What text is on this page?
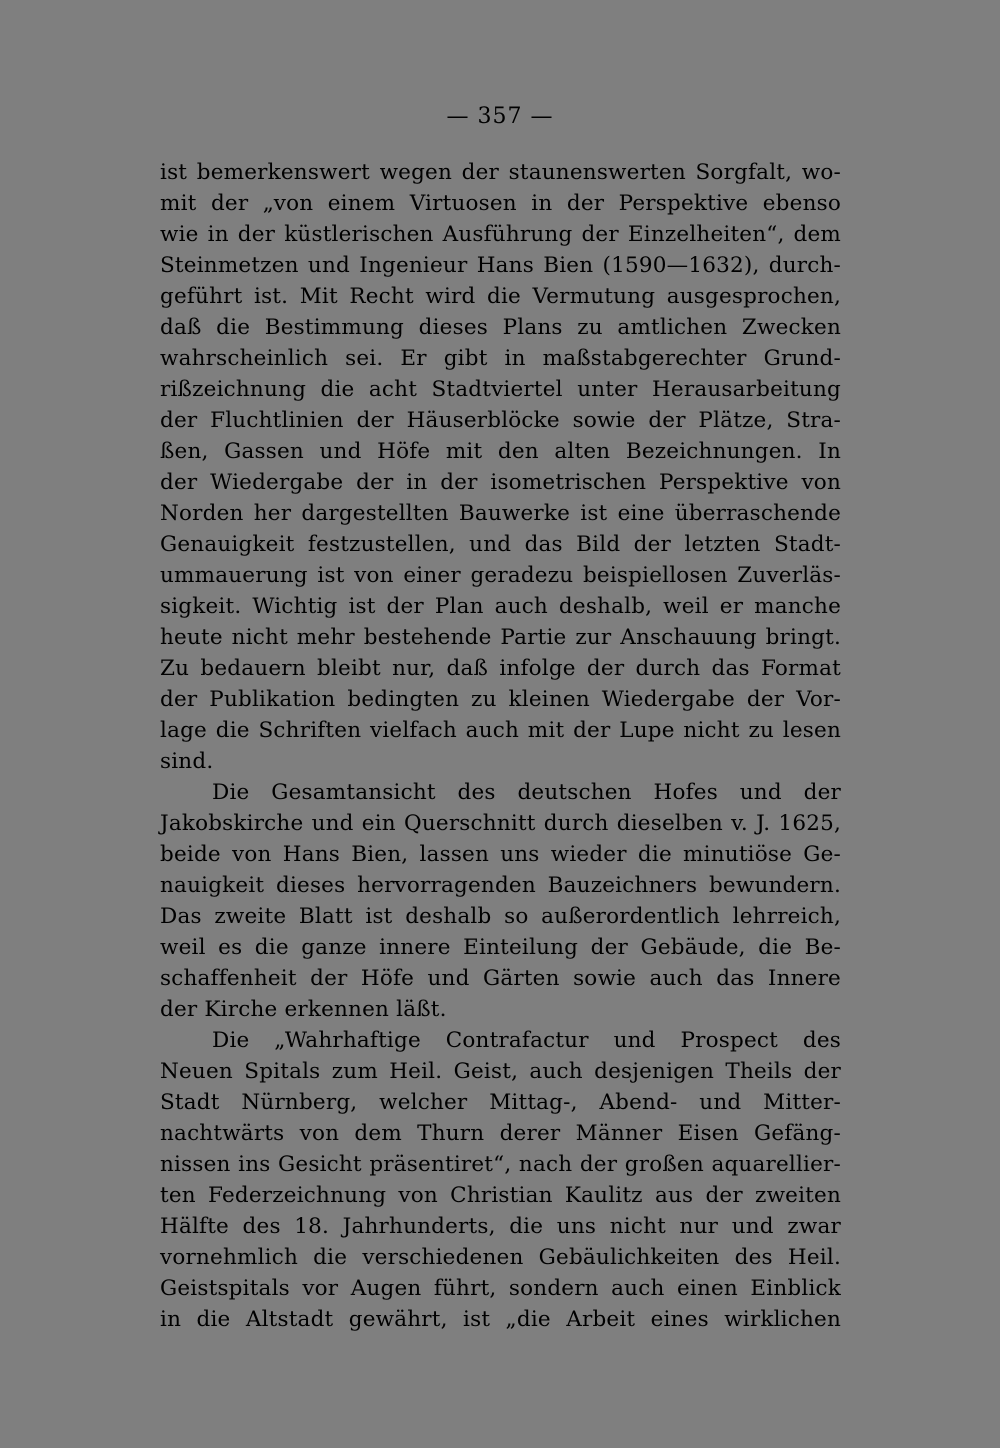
— 357 —
ist bemerkenswert wegen der staunenswerten Sorgfalt, wo-
mit der „von einem Virtuosen in der Perspektive ebenso
wie in der küstlerischen Ausführung der Einzelheiten“, dem
Steinmetzen und Ingenieur Hans Bien (1590—1632), durch-
geführt ist. Mit Recht wird die Vermutung ausgesprochen,
daß die Bestimmung dieses Plans zu amtlichen Zwecken
wahrscheinlich sei. Er gibt in maßstabgerechter Grund-
rißzeichnung die acht Stadtviertel unter Herausarbeitung
der Fluchtlinien der Häuserblöcke sowie der Plätze, Stra-
ßen, Gassen und Höfe mit den alten Bezeichnungen. In
der Wiedergabe der in der isometrischen Perspektive von
Norden her dargestellten Bauwerke ist eine überraschende
Genauigkeit festzustellen, und das Bild der letzten Stadt-
ummauerung ist von einer geradezu beispiellosen Zuverläs-
sigkeit. Wichtig ist der Plan auch deshalb, weil er manche
heute nicht mehr bestehende Partie zur Anschauung bringt.
Zu bedauern bleibt nur, daß infolge der durch das Format
der Publikation bedingten zu kleinen Wiedergabe der Vor-
lage die Schriften vielfach auch mit der Lupe nicht zu lesen
sind.
Die Gesamtansicht des deutschen Hofes und der
Jakobskirche und ein Querschnitt durch dieselben v. J. 1625,
beide von Hans Bien, lassen uns wieder die minutiöse Ge-
nauigkeit dieses hervorragenden Bauzeichners bewundern.
Das zweite Blatt ist deshalb so außerordentlich lehrreich,
weil es die ganze innere Einteilung der Gebäude, die Be-
schaffenheit der Höfe und Gärten sowie auch das Innere
der Kirche erkennen läßt.
Die „Wahrhaftige Contrafactur und Prospect des
Neuen Spitals zum Heil. Geist, auch desjenigen Theils der
Stadt Nürnberg, welcher Mittag-, Abend- und Mitter-
nachtwärts von dem Thurn derer Männer Eisen Gefäng-
nissen ins Gesicht präsentiret“, nach der großen aquarellier-
ten Federzeichnung von Christian Kaulitz aus der zweiten
Hälfte des 18. Jahrhunderts, die uns nicht nur und zwar
vornehmlich die verschiedenen Gebäulichkeiten des Heil.
Geistspitals vor Augen führt, sondern auch einen Einblick
in die Altstadt gewährt, ist „die Arbeit eines wirklichen
